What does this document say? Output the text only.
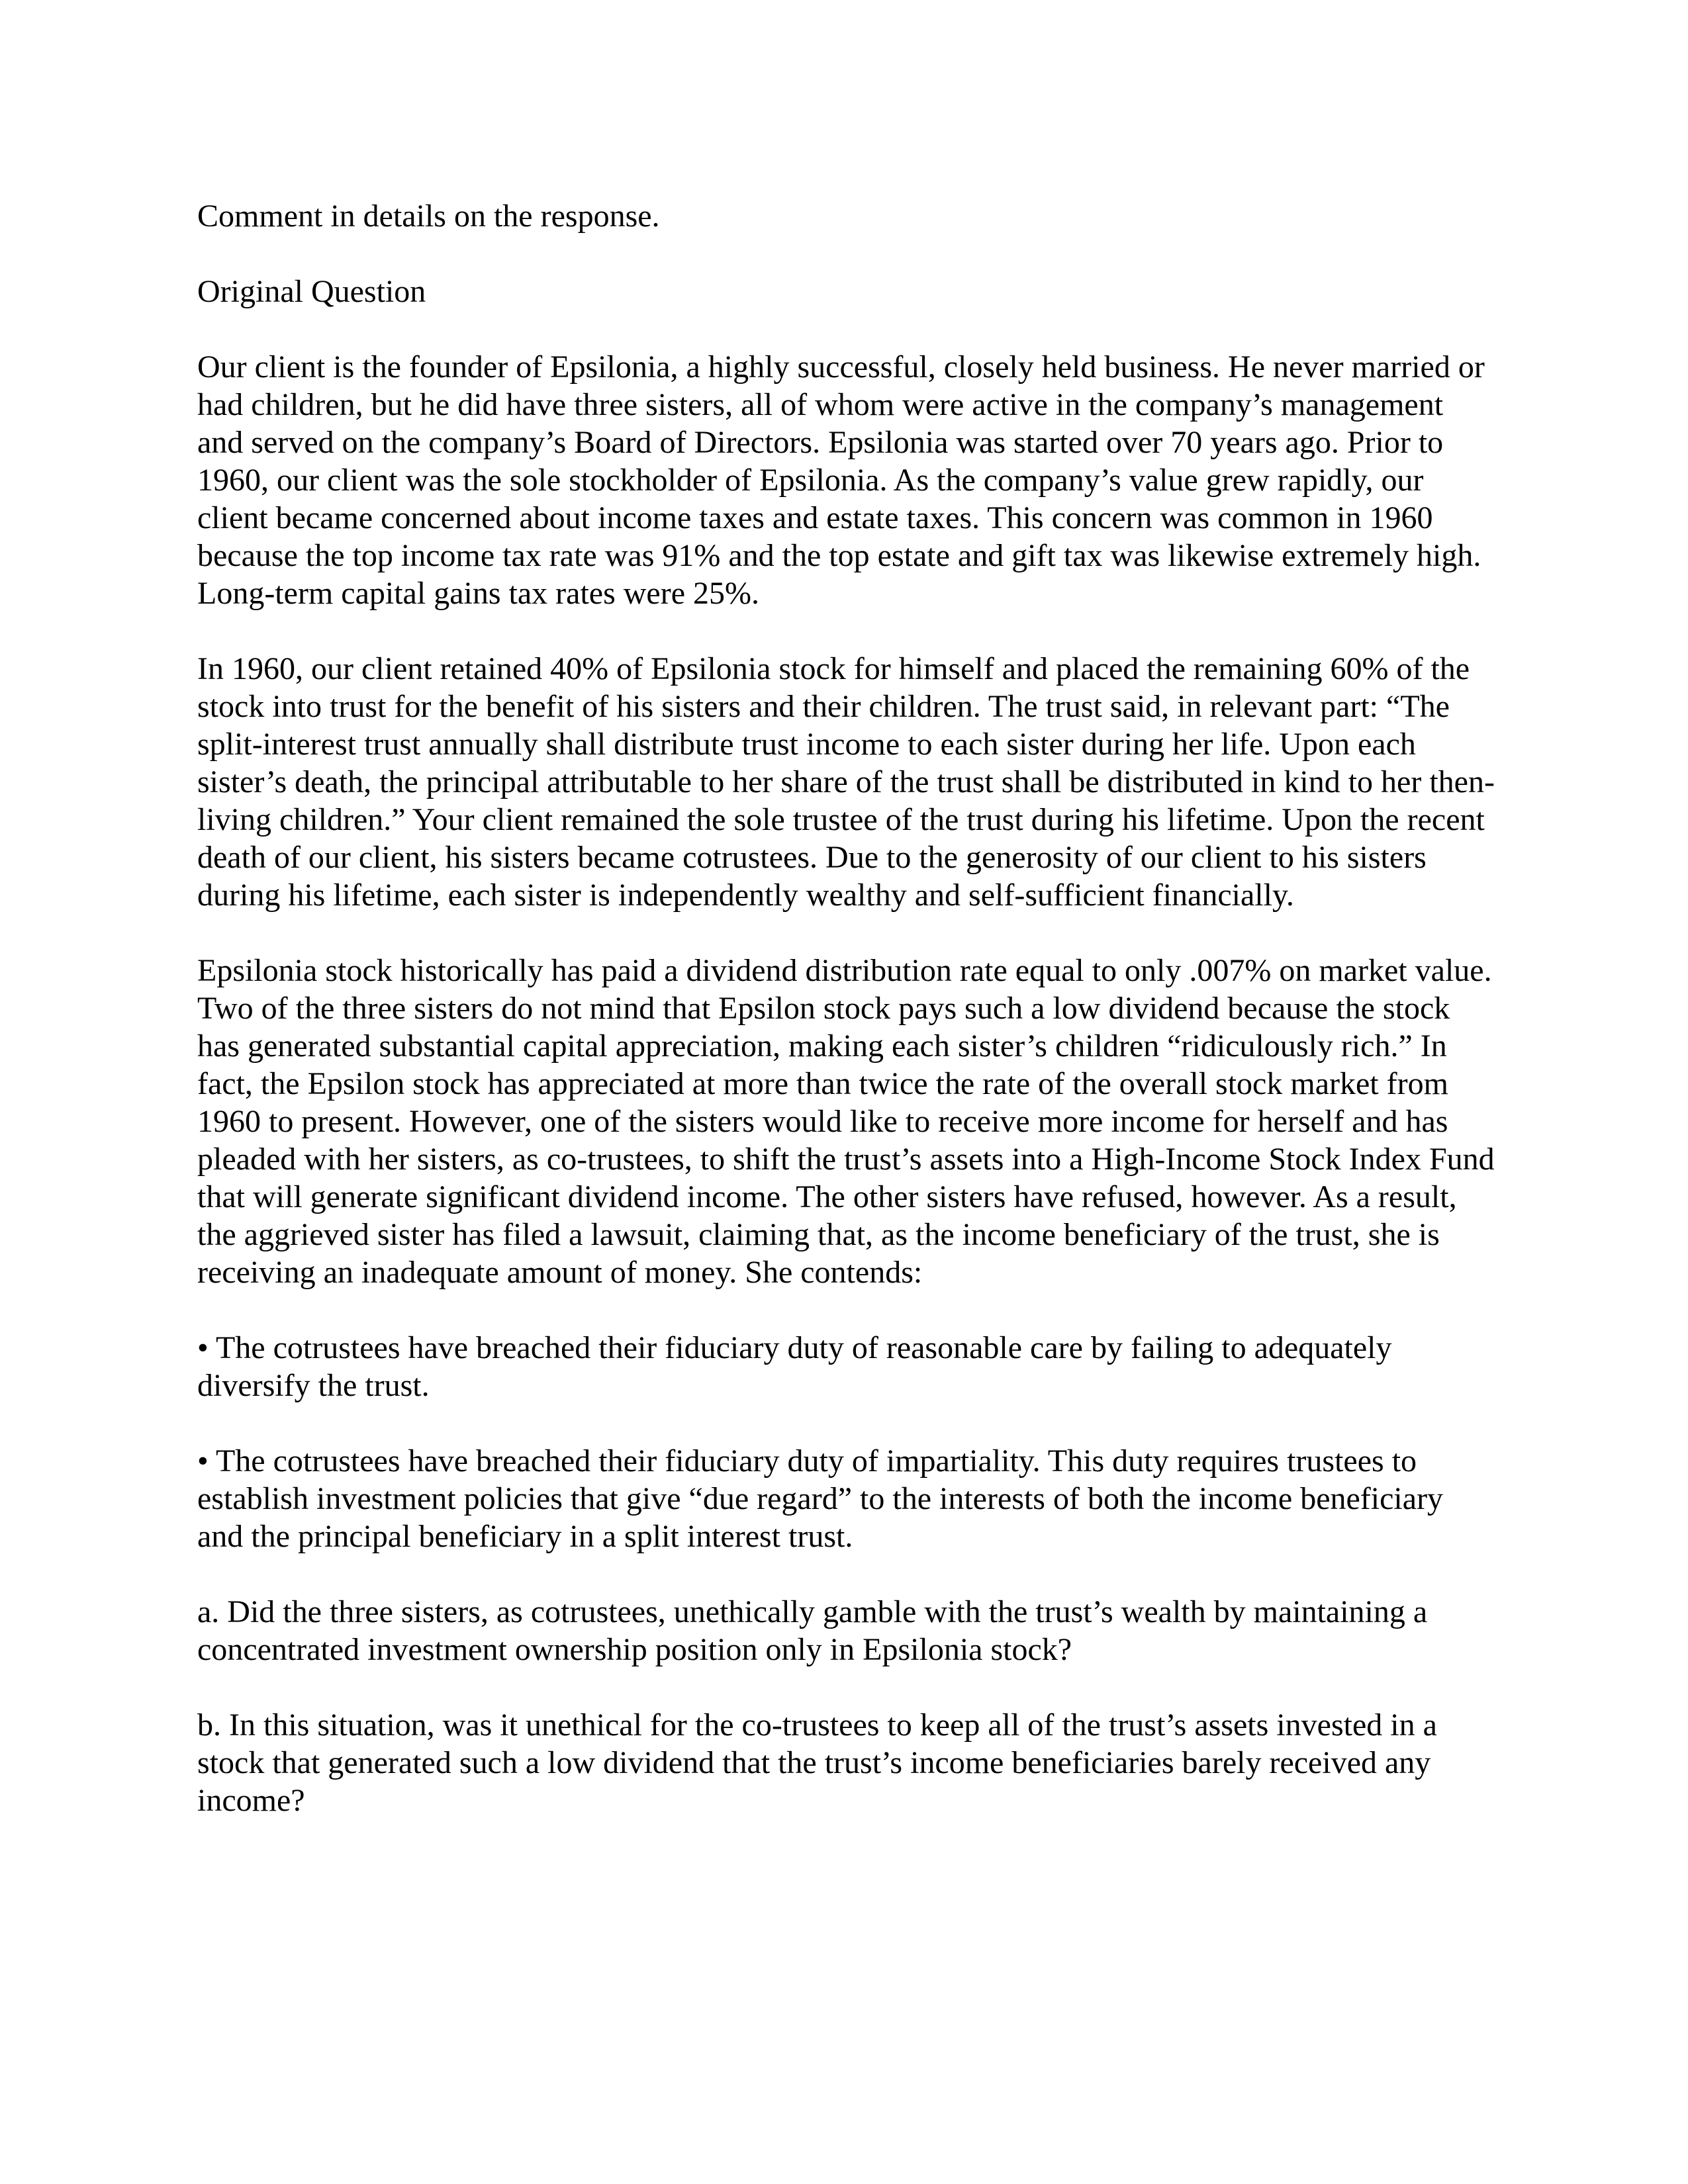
Comment in details on the response.

Original Question

Our client is the founder of Epsilonia, a highly successful, closely held business. He never married or had children, but he did have three sisters, all of whom were active in the company’s management and served on the company’s Board of Directors. Epsilonia was started over 70 years ago. Prior to 1960, our client was the sole stockholder of Epsilonia. As the company’s value grew rapidly, our client became concerned about income taxes and estate taxes. This concern was common in 1960 because the top income tax rate was 91% and the top estate and gift tax was likewise extremely high. Long-term capital gains tax rates were 25%.

In 1960, our client retained 40% of Epsilonia stock for himself and placed the remaining 60% of the stock into trust for the benefit of his sisters and their children. The trust said, in relevant part: “The split-interest trust annually shall distribute trust income to each sister during her life. Upon each sister’s death, the principal attributable to her share of the trust shall be distributed in kind to her then-living children.” Your client remained the sole trustee of the trust during his lifetime. Upon the recent death of our client, his sisters became cotrustees. Due to the generosity of our client to his sisters during his lifetime, each sister is independently wealthy and self-sufficient financially.

Epsilonia stock historically has paid a dividend distribution rate equal to only .007% on market value. Two of the three sisters do not mind that Epsilon stock pays such a low dividend because the stock has generated substantial capital appreciation, making each sister’s children “ridiculously rich.” In fact, the Epsilon stock has appreciated at more than twice the rate of the overall stock market from 1960 to present. However, one of the sisters would like to receive more income for herself and has pleaded with her sisters, as co-trustees, to shift the trust’s assets into a High-Income Stock Index Fund that will generate significant dividend income. The other sisters have refused, however. As a result, the aggrieved sister has filed a lawsuit, claiming that, as the income beneficiary of the trust, she is receiving an inadequate amount of money. She contends:

• The cotrustees have breached their fiduciary duty of reasonable care by failing to adequately diversify the trust.

• The cotrustees have breached their fiduciary duty of impartiality. This duty requires trustees to establish investment policies that give “due regard” to the interests of both the income beneficiary and the principal beneficiary in a split interest trust.

a. Did the three sisters, as cotrustees, unethically gamble with the trust’s wealth by maintaining a concentrated investment ownership position only in Epsilonia stock?

b. In this situation, was it unethical for the co-trustees to keep all of the trust’s assets invested in a stock that generated such a low dividend that the trust’s income beneficiaries barely received any income?
